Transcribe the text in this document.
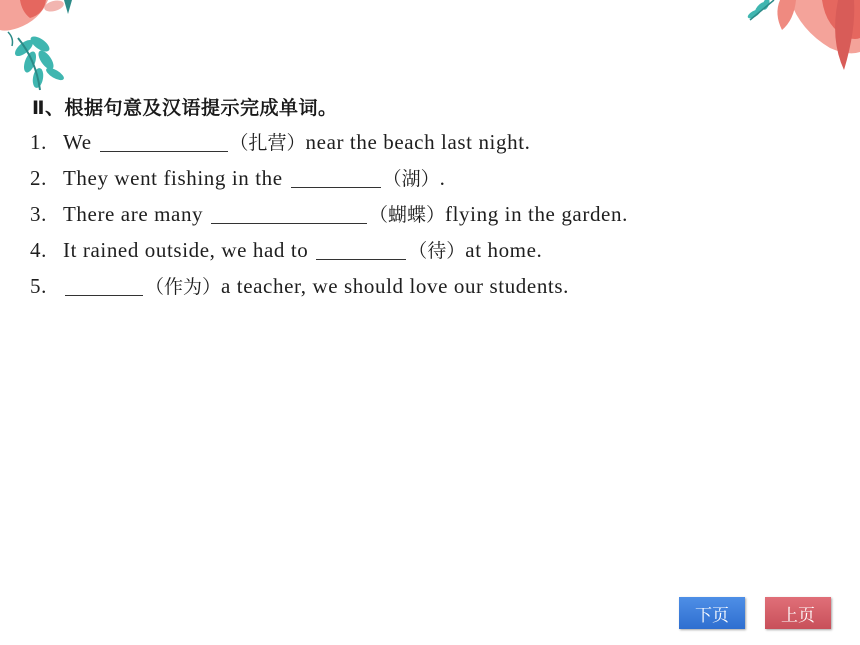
Ⅱ、根据句意及汉语提示完成单词。
1. We	（扎营）near the beach last night.
2. They went fishing in the	（湖）.
3. There are many	（蝴蝶）flying in the garden.
4. It rained outside, we had to	（待）at home.
5.	（作为）a teacher, we should love our students.
下页	上页
